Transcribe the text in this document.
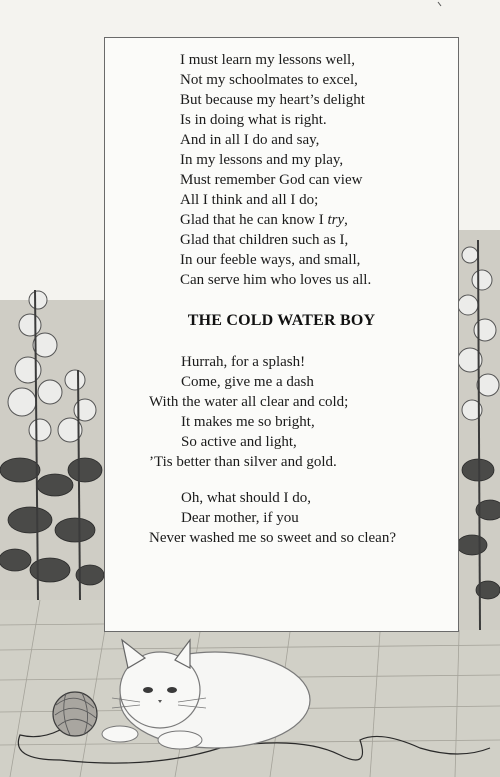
I must learn my lessons well,
Not my schoolmates to excel,
But because my heart’s delight
Is in doing what is right.
And in all I do and say,
In my lessons and my play,
Must remember God can view
All I think and all I do;
Glad that he can know I try,
Glad that children such as I,
In our feeble ways, and small,
Can serve him who loves us all.
THE COLD WATER BOY
Hurrah, for a splash!
Come, give me a dash
With the water all clear and cold;
It makes me so bright,
So active and light,
’Tis better than silver and gold.
Oh, what should I do,
Dear mother, if you
Never washed me so sweet and so clean?
